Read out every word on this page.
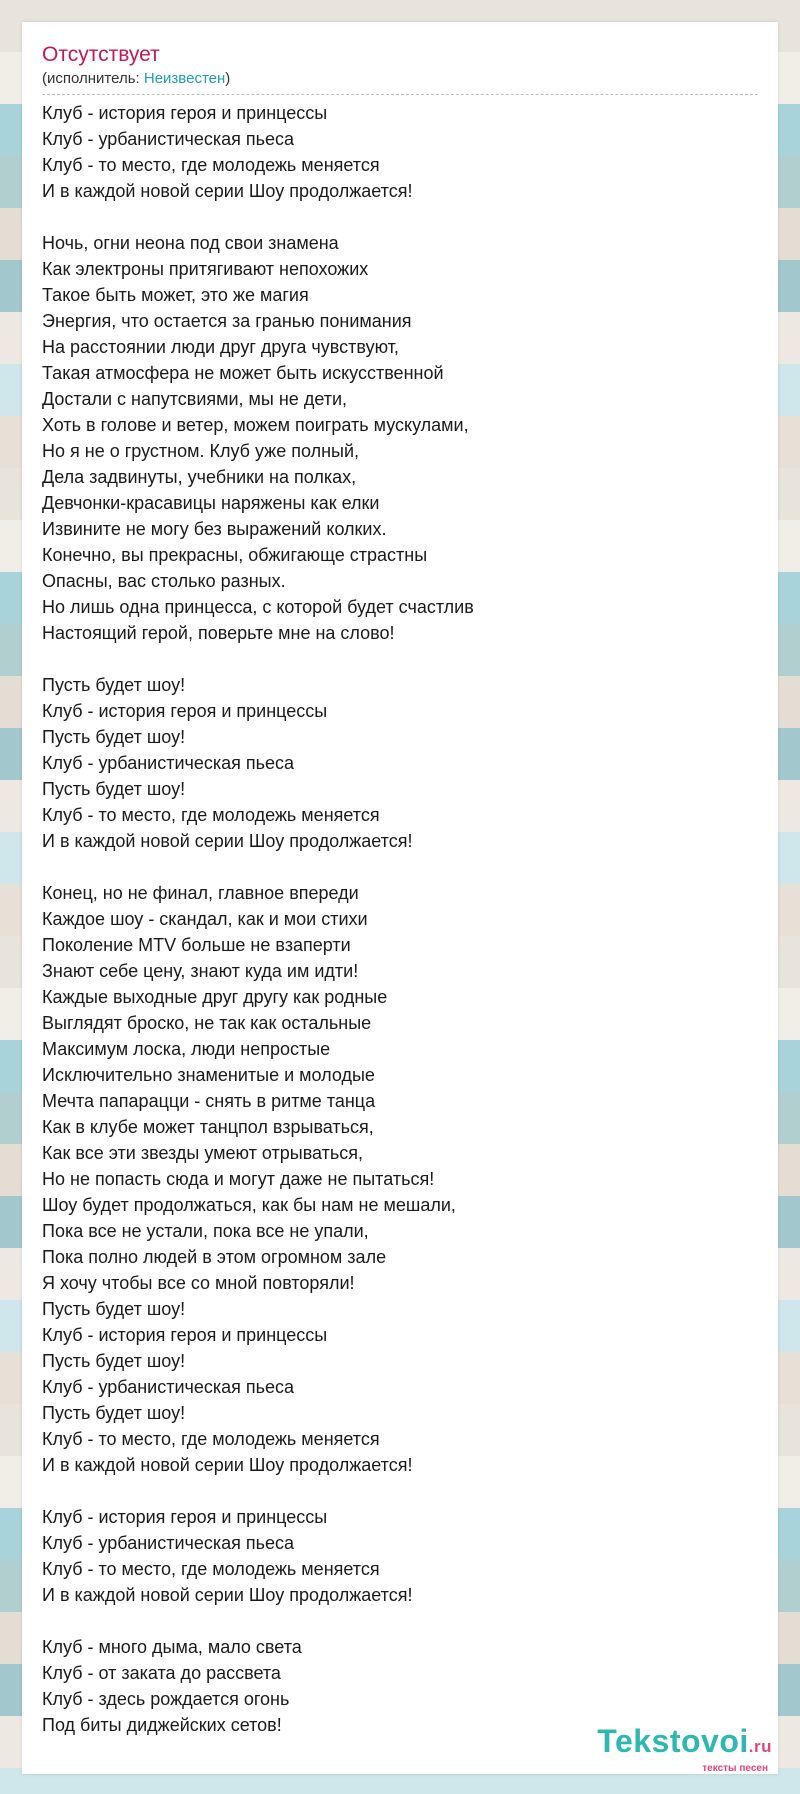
Отсутствует
(исполнитель: Неизвестен)
Клуб - история героя и принцессы
Клуб - урбанистическая пьеса
Клуб - то место, где молодежь меняется
И в каждой новой серии Шоу продолжается!
Ночь, огни неона под свои знамена
Как электроны притягивают непохожих
Такое быть может, это же магия
Энергия, что остается за гранью понимания
На расстоянии люди друг друга чувствуют,
Такая атмосфера не может быть искусственной
Достали с напутсвиями, мы не дети,
Хоть в голове и ветер, можем поиграть мускулами,
Но я не о грустном. Клуб уже полный,
Дела задвинуты, учебники на полках,
Девчонки-красавицы наряжены как елки
Извините не могу без выражений колких.
Конечно, вы прекрасны, обжигающе страстны
Опасны, вас столько разных.
Но лишь одна принцесса, с которой будет счастлив
Настоящий герой, поверьте мне на слово!
Пусть будет шоу!
Клуб - история героя и принцессы
Пусть будет шоу!
Клуб - урбанистическая пьеса
Пусть будет шоу!
Клуб - то место, где молодежь меняется
И в каждой новой серии Шоу продолжается!
Конец, но не финал, главное впереди
Каждое шоу - скандал, как и мои стихи
Поколение MTV больше не взаперти
Знают себе цену, знают куда им идти!
Каждые выходные друг другу как родные
Выглядят броско, не так как остальные
Максимум лоска, люди непростые
Исключительно знаменитые и молодые
Мечта папарацци - снять в ритме танца
Как в клубе может танцпол взрываться,
Как все эти звезды умеют отрываться,
Но не попасть сюда и могут даже не пытаться!
Шоу будет продолжаться, как бы нам не мешали,
Пока все не устали, пока все не упали,
Пока полно людей в этом огромном зале
Я хочу чтобы все со мной повторяли!
Пусть будет шоу!
Клуб - история героя и принцессы
Пусть будет шоу!
Клуб - урбанистическая пьеса
Пусть будет шоу!
Клуб - то место, где молодежь меняется
И в каждой новой серии Шоу продолжается!
Клуб - история героя и принцессы
Клуб - урбанистическая пьеса
Клуб - то место, где молодежь меняется
И в каждой новой серии Шоу продолжается!
Клуб - много дыма, мало света
Клуб - от заката до рассвета
Клуб - здесь рождается огонь
Под биты диджейских сетов!	Tekstovoi.ru
тексты песен
